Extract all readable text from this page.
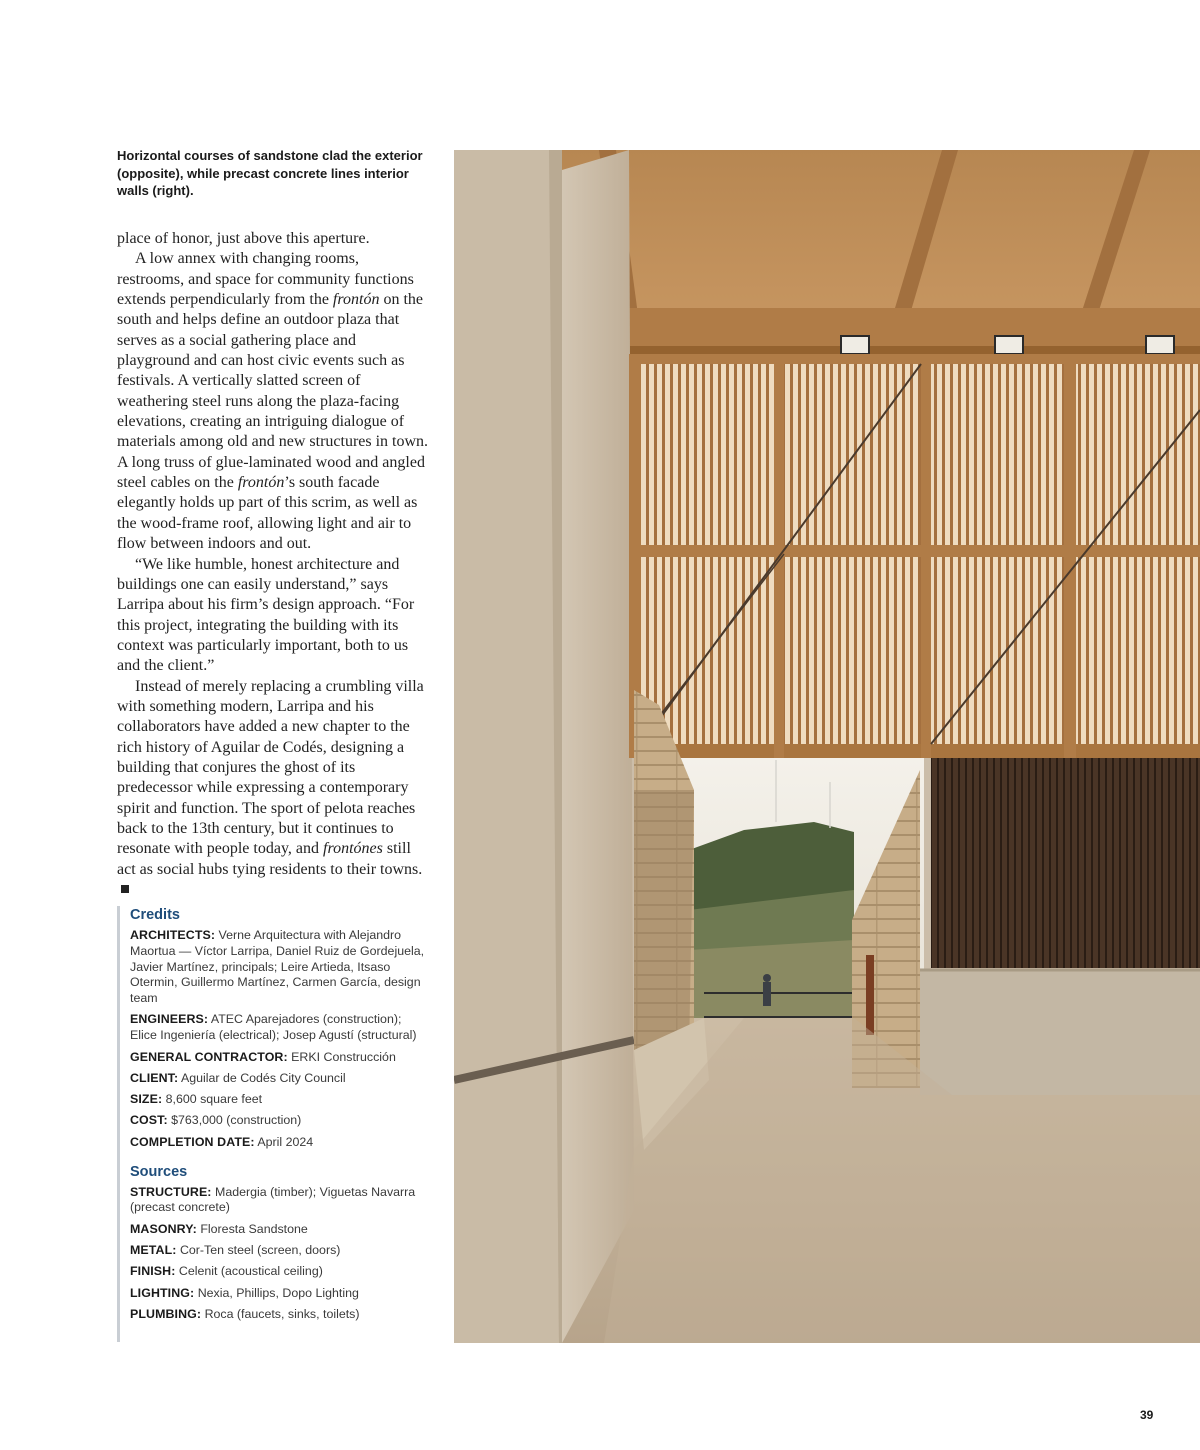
Horizontal courses of sandstone clad the exterior (opposite), while precast concrete lines interior walls (right).

place of honor, just above this aperture.

A low annex with changing rooms, restrooms, and space for community functions extends perpendicularly from the frontón on the south and helps define an outdoor plaza that serves as a social gathering place and playground and can host civic events such as festivals. A vertically slatted screen of weathering steel runs along the plaza-facing elevations, creating an intriguing dialogue of materials among old and new structures in town. A long truss of glue-laminated wood and angled steel cables on the frontón’s south facade elegantly holds up part of this scrim, as well as the wood-frame roof, allowing light and air to flow between indoors and out.

“We like humble, honest architecture and buildings one can easily understand,” says Larripa about his firm’s design approach. “For this project, integrating the building with its context was particularly important, both to us and the client.”

Instead of merely replacing a crumbling villa with something modern, Larripa and his collaborators have added a new chapter to the rich history of Aguilar de Codés, designing a building that conjures the ghost of its predecessor while expressing a contemporary spirit and function. The sport of pelota reaches back to the 13th century, but it continues to resonate with people today, and frontónes still act as social hubs tying residents to their towns.

Credits
ARCHITECTS: Verne Arquitectura with Alejandro Maortua — Víctor Larripa, Daniel Ruiz de Gordejuela, Javier Martínez, principals; Leire Artieda, Itsaso Otermin, Guillermo Martínez, Carmen García, design team
ENGINEERS: ATEC Aparejadores (construction); Elice Ingeniería (electrical); Josep Agustí (structural)
GENERAL CONTRACTOR: ERKI Construcción
CLIENT: Aguilar de Codés City Council
SIZE: 8,600 square feet
COST: $763,000 (construction)
COMPLETION DATE: April 2024
Sources
STRUCTURE: Madergia (timber); Viguetas Navarra (precast concrete)
MASONRY: Floresta Sandstone
METAL: Cor-Ten steel (screen, doors)
FINISH: Celenit (acoustical ceiling)
LIGHTING: Nexia, Phillips, Dopo Lighting
PLUMBING: Roca (faucets, sinks, toilets)
39
